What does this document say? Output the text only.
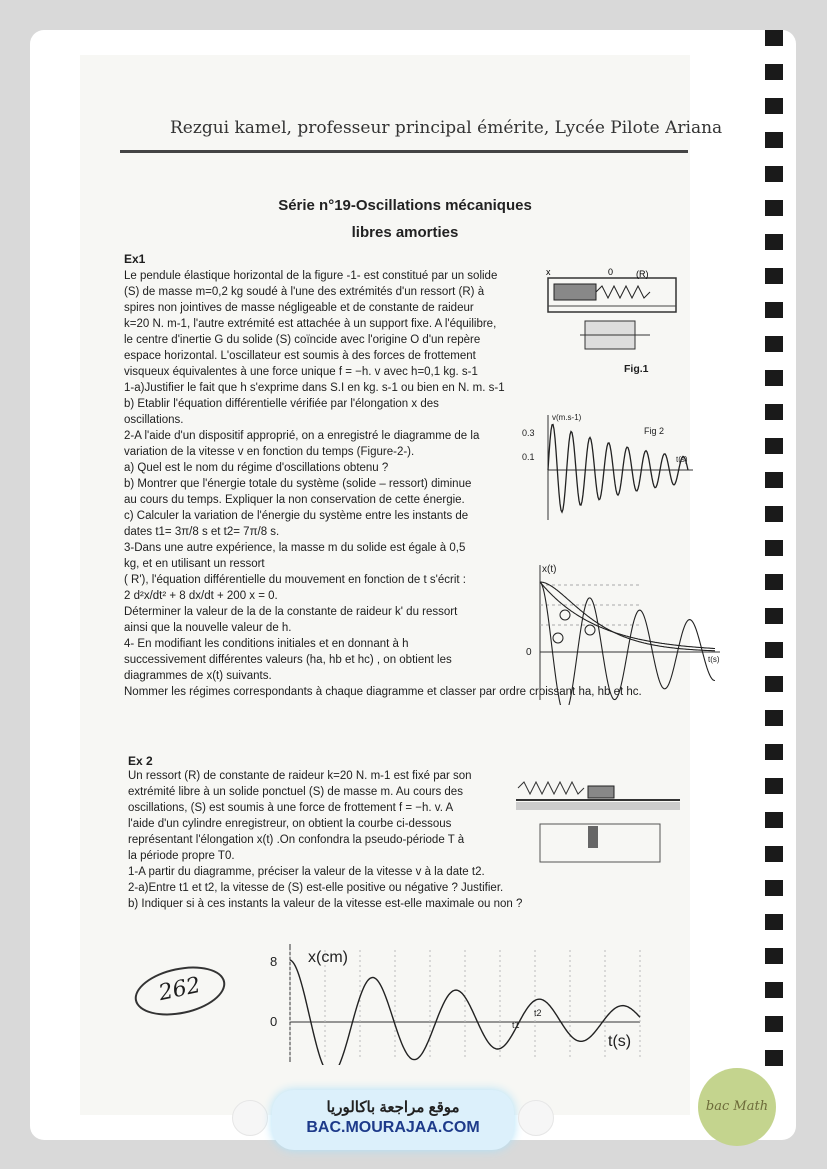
Rezgui kamel, professeur principal émérite, Lycée Pilote Ariana
Série n°19-Oscillations mécaniques
libres amorties
Ex1
Le pendule élastique horizontal de la figure -1- est constitué par un solide
(S) de masse m=0,2 kg soudé à l'une des extrémités d'un ressort (R) à
spires non jointives de masse négligeable et de constante de raideur
k=20 N. m-1, l'autre extrémité est attachée à un support fixe. A l'équilibre,
le centre d'inertie G du solide (S) coïncide avec l'origine O d'un repère
espace horizontal. L'oscillateur est soumis à des forces de frottement
visqueux équivalentes à une force unique f = −h. v avec h=0,1 kg. s-1
1-a)Justifier le fait que h s'exprime dans S.I en kg. s-1 ou bien en N. m. s-1
b) Etablir l'équation différentielle vérifiée par l'élongation x des
oscillations.
2-A l'aide d'un dispositif approprié, on a enregistré le diagramme de la
variation de la vitesse v en fonction du temps (Figure-2-).
a) Quel est le nom du régime d'oscillations obtenu ?
b) Montrer que l'énergie totale du système (solide – ressort) diminue
au cours du temps. Expliquer la non conservation de cette énergie.
c) Calculer la variation de l'énergie du système entre les instants de
dates t1= 3π/8 s et t2= 7π/8 s.
3-Dans une autre expérience, la masse m du solide est égale à 0,5
kg, et en utilisant un ressort
( R'), l'équation différentielle du mouvement en fonction de t s'écrit :
2 d²x/dt² + 8 dx/dt + 200 x = 0.
Déterminer la valeur de la de la constante de raideur k' du ressort
ainsi que la nouvelle valeur de h.
4- En modifiant les conditions initiales et en donnant à h
successivement différentes valeurs (ha, hb et hc) , on obtient les
diagrammes de x(t) suivants.
Nommer les régimes correspondants à chaque diagramme et classer par ordre croissant ha, hb et hc.
x	0	(R)
Fig.1
v(m.s-1)
0.3
0.1
Fig 2
t(s)
x(t)
0
t(s)
Ex 2
Un ressort (R) de constante de raideur k=20 N. m-1 est fixé par son
extrémité libre à un solide ponctuel (S) de masse m. Au cours des
oscillations, (S) est soumis à une force de frottement f = −h. v. A
l'aide d'un cylindre enregistreur, on obtient la courbe ci-dessous
représentant l'élongation x(t) .On confondra la pseudo-période T à
la période propre T0.
1-A partir du diagramme, préciser la valeur de la vitesse v à la date t2.
2-a)Entre t1 et t2, la vitesse de (S) est-elle positive ou négative ? Justifier.
b) Indiquer si à ces instants la valeur de la vitesse est-elle maximale ou non ?
x(cm)
8
0
t(s)
t1
t2
262
موقع مراجعة باكالوريا
BAC.MOURAJAA.COM
bac Math
